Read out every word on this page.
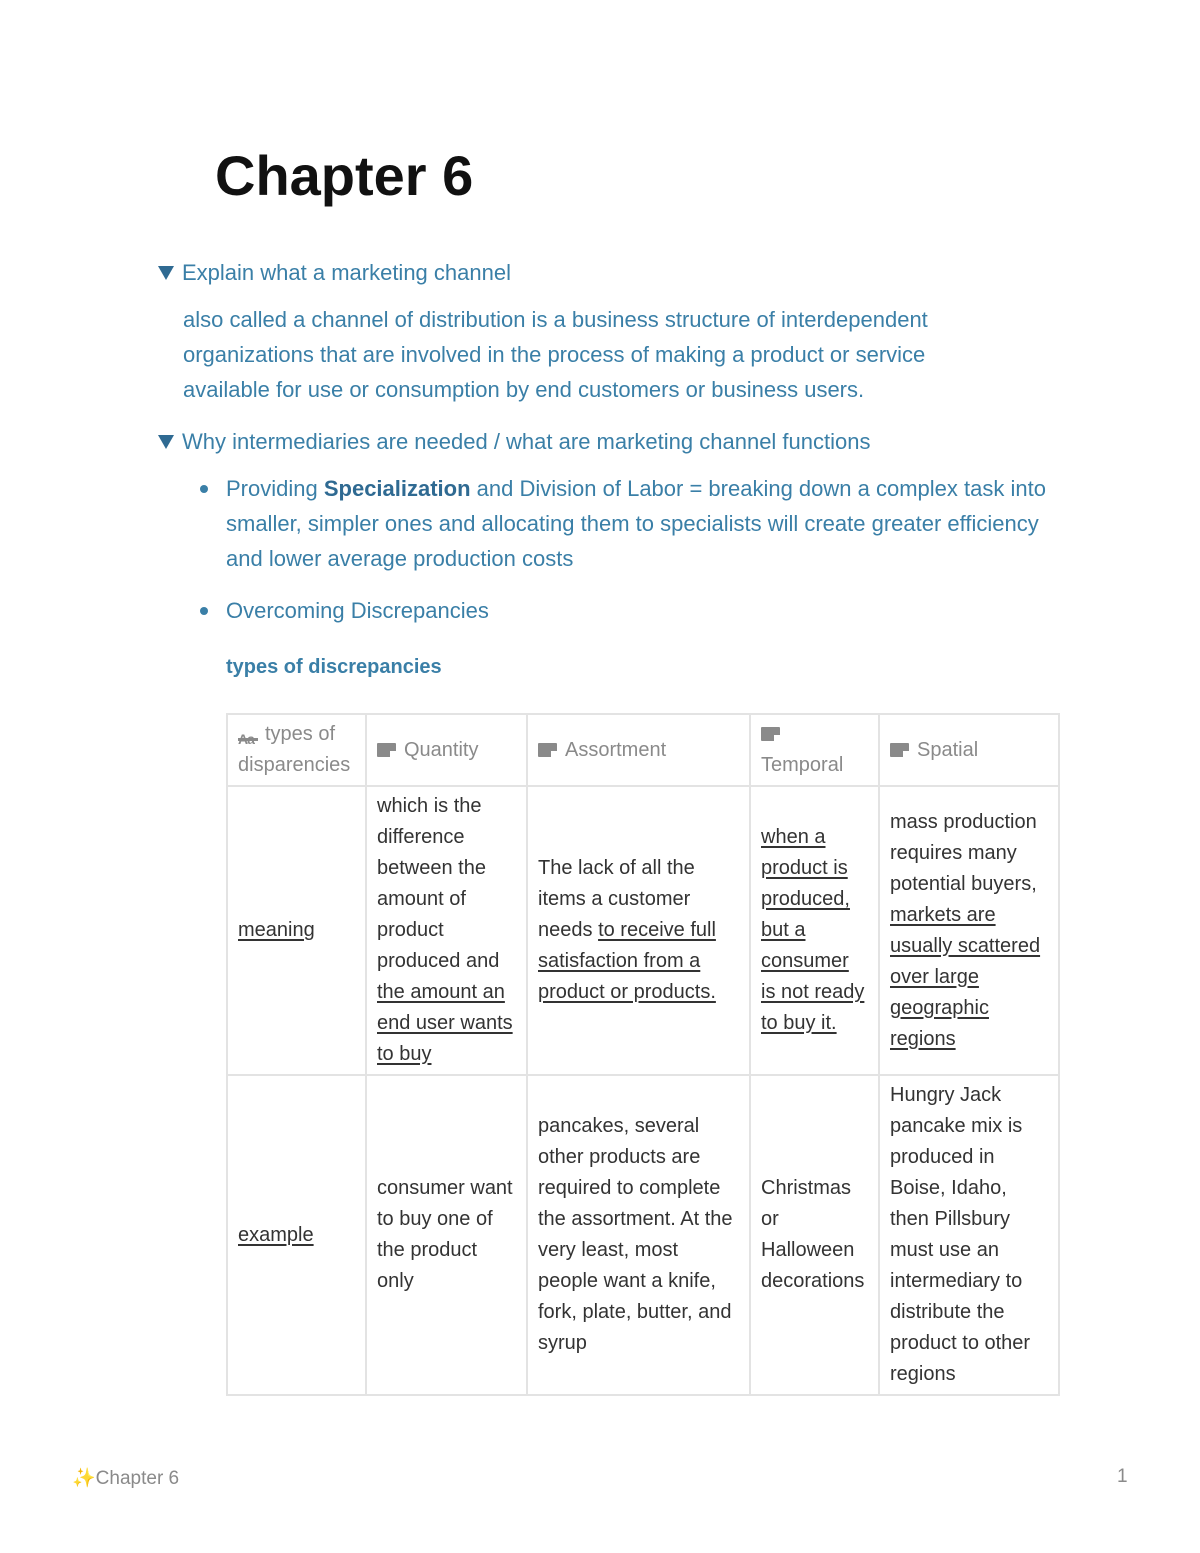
Chapter 6
Explain what a marketing channel

also called a channel of distribution is a business structure of interdependent organizations that are involved in the process of making a product or service available for use or consumption by end customers or business users.

Why intermediaries are needed / what are marketing channel functions
Providing Specialization and Division of Labor = breaking down a complex task into smaller, simpler ones and allocating them to specialists will create greater efficiency and lower average production costs
Overcoming Discrepancies
types of discrepancies
Aatypes of disparencies	Quantity	Assortment	Temporal	Spatial
meaning	which is the difference between the amount of product produced and the amount an end user wants to buy	The lack of all the items a customer needs to receive full satisfaction from a product or products.	when a product is produced, but a consumer is not ready to buy it.	mass production requires many potential buyers, markets are usually scattered over large geographic regions
example	consumer want to buy one of the product only	pancakes, several other products are required to complete the assortment. At the very least, most people want a knife, fork, plate, butter, and syrup	Christmas or Halloween decorations	Hungry Jack pancake mix is produced in Boise, Idaho, then Pillsbury must use an intermediary to distribute the product to other regions
✨Chapter 6	1
